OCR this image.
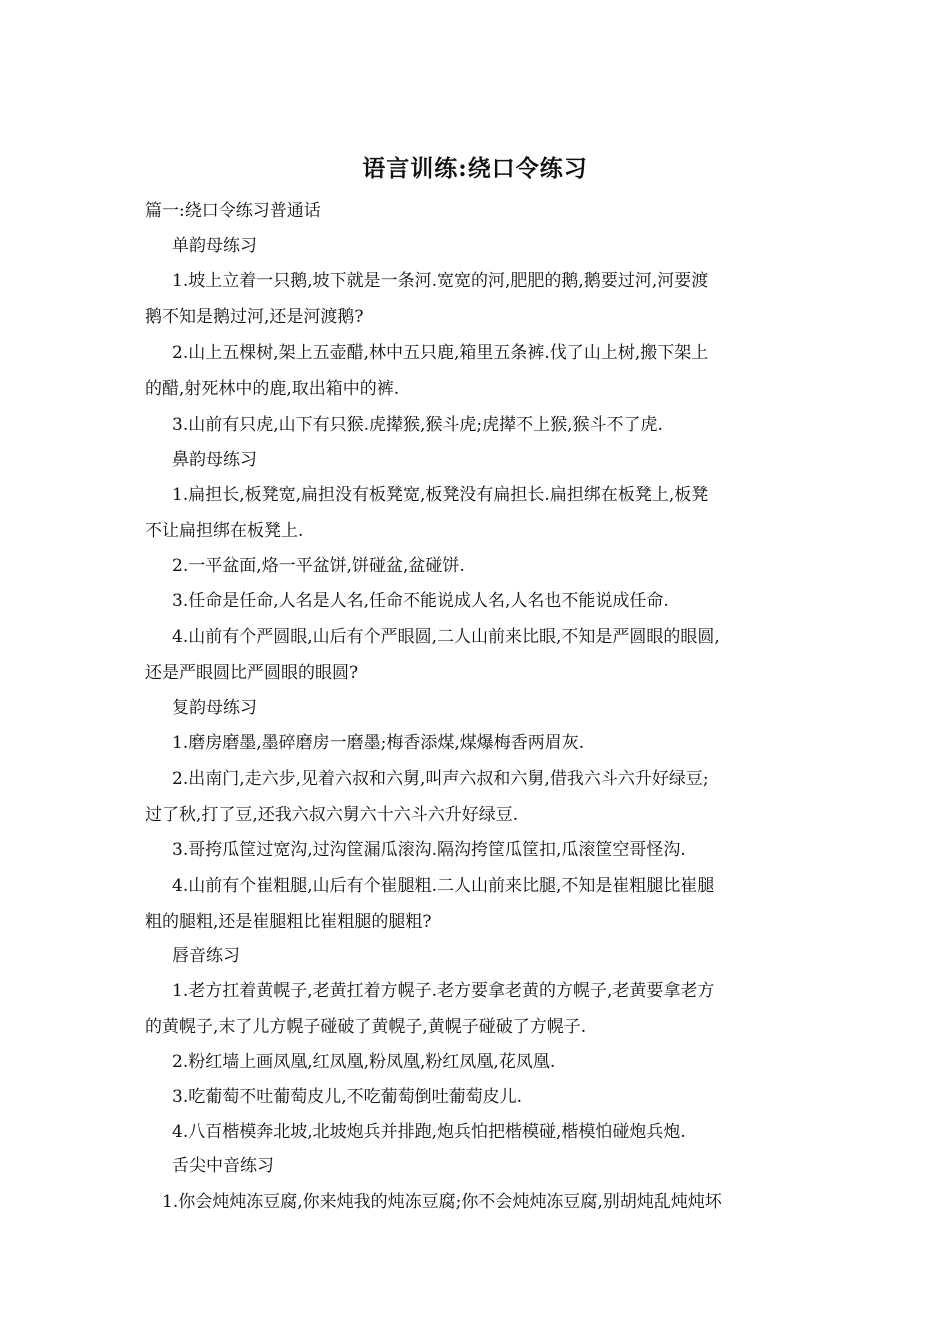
语言训练:绕口令练习
篇一:绕口令练习普通话
单韵母练习
1.坡上立着一只鹅,坡下就是一条河.宽宽的河,肥肥的鹅,鹅要过河,河要渡
鹅不知是鹅过河,还是河渡鹅?
2.山上五棵树,架上五壶醋,林中五只鹿,箱里五条裤.伐了山上树,搬下架上
的醋,射死林中的鹿,取出箱中的裤.
3.山前有只虎,山下有只猴.虎撵猴,猴斗虎;虎撵不上猴,猴斗不了虎.
鼻韵母练习
1.扁担长,板凳宽,扁担没有板凳宽,板凳没有扁担长.扁担绑在板凳上,板凳
不让扁担绑在板凳上.
2.一平盆面,烙一平盆饼,饼碰盆,盆碰饼.
3.任命是任命,人名是人名,任命不能说成人名,人名也不能说成任命.
4.山前有个严圆眼,山后有个严眼圆,二人山前来比眼,不知是严圆眼的眼圆,
还是严眼圆比严圆眼的眼圆?
复韵母练习
1.磨房磨墨,墨碎磨房一磨墨;梅香添煤,煤爆梅香两眉灰.
2.出南门,走六步,见着六叔和六舅,叫声六叔和六舅,借我六斗六升好绿豆;
过了秋,打了豆,还我六叔六舅六十六斗六升好绿豆.
3.哥挎瓜筐过宽沟,过沟筐漏瓜滚沟.隔沟挎筐瓜筐扣,瓜滚筐空哥怪沟.
4.山前有个崔粗腿,山后有个崔腿粗.二人山前来比腿,不知是崔粗腿比崔腿
粗的腿粗,还是崔腿粗比崔粗腿的腿粗?
唇音练习
1.老方扛着黄幌子,老黄扛着方幌子.老方要拿老黄的方幌子,老黄要拿老方
的黄幌子,末了儿方幌子碰破了黄幌子,黄幌子碰破了方幌子.
2.粉红墙上画凤凰,红凤凰,粉凤凰,粉红凤凰,花凤凰.
3.吃葡萄不吐葡萄皮儿,不吃葡萄倒吐葡萄皮儿.
4.八百楷模奔北坡,北坡炮兵并排跑,炮兵怕把楷模碰,楷模怕碰炮兵炮.
舌尖中音练习
1.你会炖炖冻豆腐,你来炖我的炖冻豆腐;你不会炖炖冻豆腐,别胡炖乱炖炖坏
